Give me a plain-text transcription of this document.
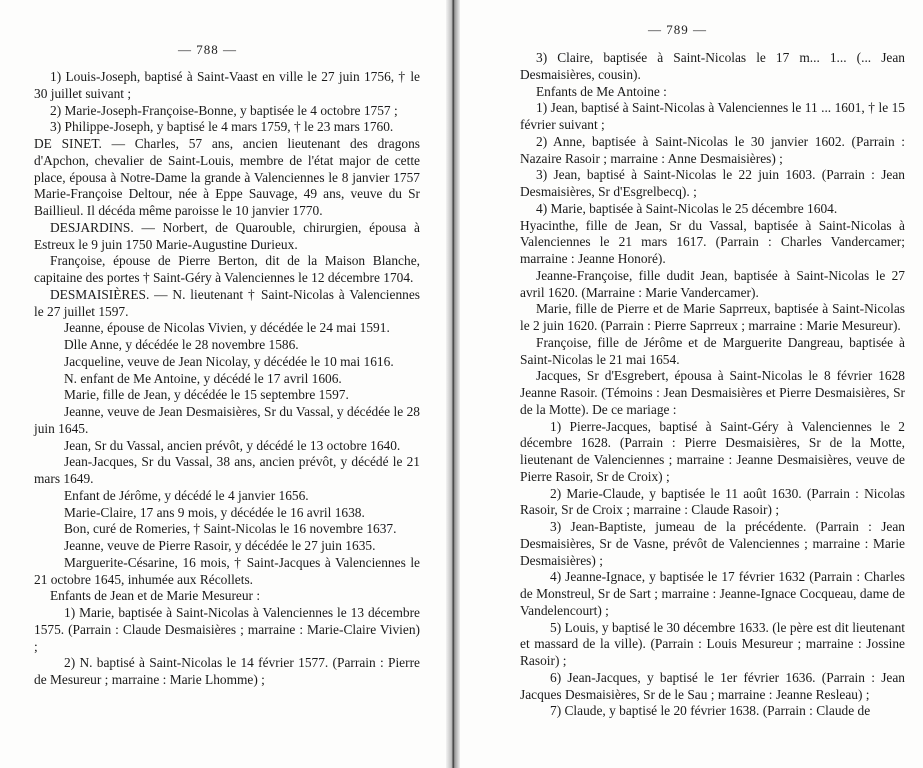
— 788 —

1) Louis-Joseph, baptisé à Saint-Vaast en ville le 27 juin 1756, † le 30 juillet suivant ;

2) Marie-Joseph-Françoise-Bonne, y baptisée le 4 octobre 1757 ;

3) Philippe-Joseph, y baptisé le 4 mars 1759, † le 23 mars 1760.

DE SINET. — Charles, 57 ans, ancien lieutenant des dragons d'Apchon, chevalier de Saint-Louis, membre de l'état major de cette place, épousa à Notre-Dame la grande à Valenciennes le 8 janvier 1757 Marie-Françoise Deltour, née à Eppe Sauvage, 49 ans, veuve du Sr Baillieul. Il décéda même paroisse le 10 janvier 1770.

DESJARDINS. — Norbert, de Quarouble, chirurgien, épousa à Estreux le 9 juin 1750 Marie-Augustine Durieux.

Françoise, épouse de Pierre Berton, dit de la Maison Blanche, capitaine des portes † Saint-Géry à Valenciennes le 12 décembre 1704.

DESMAISIÈRES. — N. lieutenant † Saint-Nicolas à Valenciennes le 27 juillet 1597.

Jeanne, épouse de Nicolas Vivien, y décédée le 24 mai 1591.

Dlle Anne, y décédée le 28 novembre 1586.

Jacqueline, veuve de Jean Nicolay, y décédée le 10 mai 1616.

N. enfant de Me Antoine, y décédé le 17 avril 1606.

Marie, fille de Jean, y décédée le 15 septembre 1597.

Jeanne, veuve de Jean Desmaisières, Sr du Vassal, y décédée le 28 juin 1645.

Jean, Sr du Vassal, ancien prévôt, y décédé le 13 octobre 1640.

Jean-Jacques, Sr du Vassal, 38 ans, ancien prévôt, y décédé le 21 mars 1649.

Enfant de Jérôme, y décédé le 4 janvier 1656.

Marie-Claire, 17 ans 9 mois, y décédée le 16 avril 1638.

Bon, curé de Romeries, † Saint-Nicolas le 16 novembre 1637.

Jeanne, veuve de Pierre Rasoir, y décédée le 27 juin 1635.

Marguerite-Césarine, 16 mois, † Saint-Jacques à Valenciennes le 21 octobre 1645, inhumée aux Récollets.

Enfants de Jean et de Marie Mesureur :

1) Marie, baptisée à Saint-Nicolas à Valenciennes le 13 décembre 1575. (Parrain : Claude Desmaisières ; marraine : Marie-Claire Vivien) ;

2) N. baptisé à Saint-Nicolas le 14 février 1577. (Parrain : Pierre de Mesureur ; marraine : Marie Lhomme) ;

— 789 —

3) Claire, baptisée à Saint-Nicolas le 17 m... 1... (... Jean Desmaisières, cousin).

Enfants de Me Antoine :

1) Jean, baptisé à Saint-Nicolas à Valenciennes le 11 ... 1601, † le 15 février suivant ;

2) Anne, baptisée à Saint-Nicolas le 30 janvier 1602. (Parrain : Nazaire Rasoir ; marraine : Anne Desmaisières) ;

3) Jean, baptisé à Saint-Nicolas le 22 juin 1603. (Parrain : Jean Desmaisières, Sr d'Esgrelbecq). ;

4) Marie, baptisée à Saint-Nicolas le 25 décembre 1604.

Hyacinthe, fille de Jean, Sr du Vassal, baptisée à Saint-Nicolas à Valenciennes le 21 mars 1617. (Parrain : Charles Vandercamer; marraine : Jeanne Honoré).

Jeanne-Françoise, fille dudit Jean, baptisée à Saint-Nicolas le 27 avril 1620. (Marraine : Marie Vandercamer).

Marie, fille de Pierre et de Marie Saprreux, baptisée à Saint-Nicolas le 2 juin 1620. (Parrain : Pierre Saprreux ; marraine : Marie Mesureur).

Françoise, fille de Jérôme et de Marguerite Dangreau, baptisée à Saint-Nicolas le 21 mai 1654.

Jacques, Sr d'Esgrebert, épousa à Saint-Nicolas le 8 février 1628 Jeanne Rasoir. (Témoins : Jean Desmaisières et Pierre Desmaisières, Sr de la Motte). De ce mariage :

1) Pierre-Jacques, baptisé à Saint-Géry à Valenciennes le 2 décembre 1628. (Parrain : Pierre Desmaisières, Sr de la Motte, lieutenant de Valenciennes ; marraine : Jeanne Desmaisières, veuve de Pierre Rasoir, Sr de Croix) ;

2) Marie-Claude, y baptisée le 11 août 1630. (Parrain : Nicolas Rasoir, Sr de Croix ; marraine : Claude Rasoir) ;

3) Jean-Baptiste, jumeau de la précédente. (Parrain : Jean Desmaisières, Sr de Vasne, prévôt de Valenciennes ; marraine : Marie Desmaisières) ;

4) Jeanne-Ignace, y baptisée le 17 février 1632 (Parrain : Charles de Monstreul, Sr de Sart ; marraine : Jeanne-Ignace Cocqueau, dame de Vandelencourt) ;

5) Louis, y baptisé le 30 décembre 1633. (le père est dit lieutenant et massard de la ville). (Parrain : Louis Mesureur ; marraine : Jossine Rasoir) ;

6) Jean-Jacques, y baptisé le 1er février 1636. (Parrain : Jean Jacques Desmaisières, Sr de le Sau ; marraine : Jeanne Resleau) ;

7) Claude, y baptisé le 20 février 1638. (Parrain : Claude de
